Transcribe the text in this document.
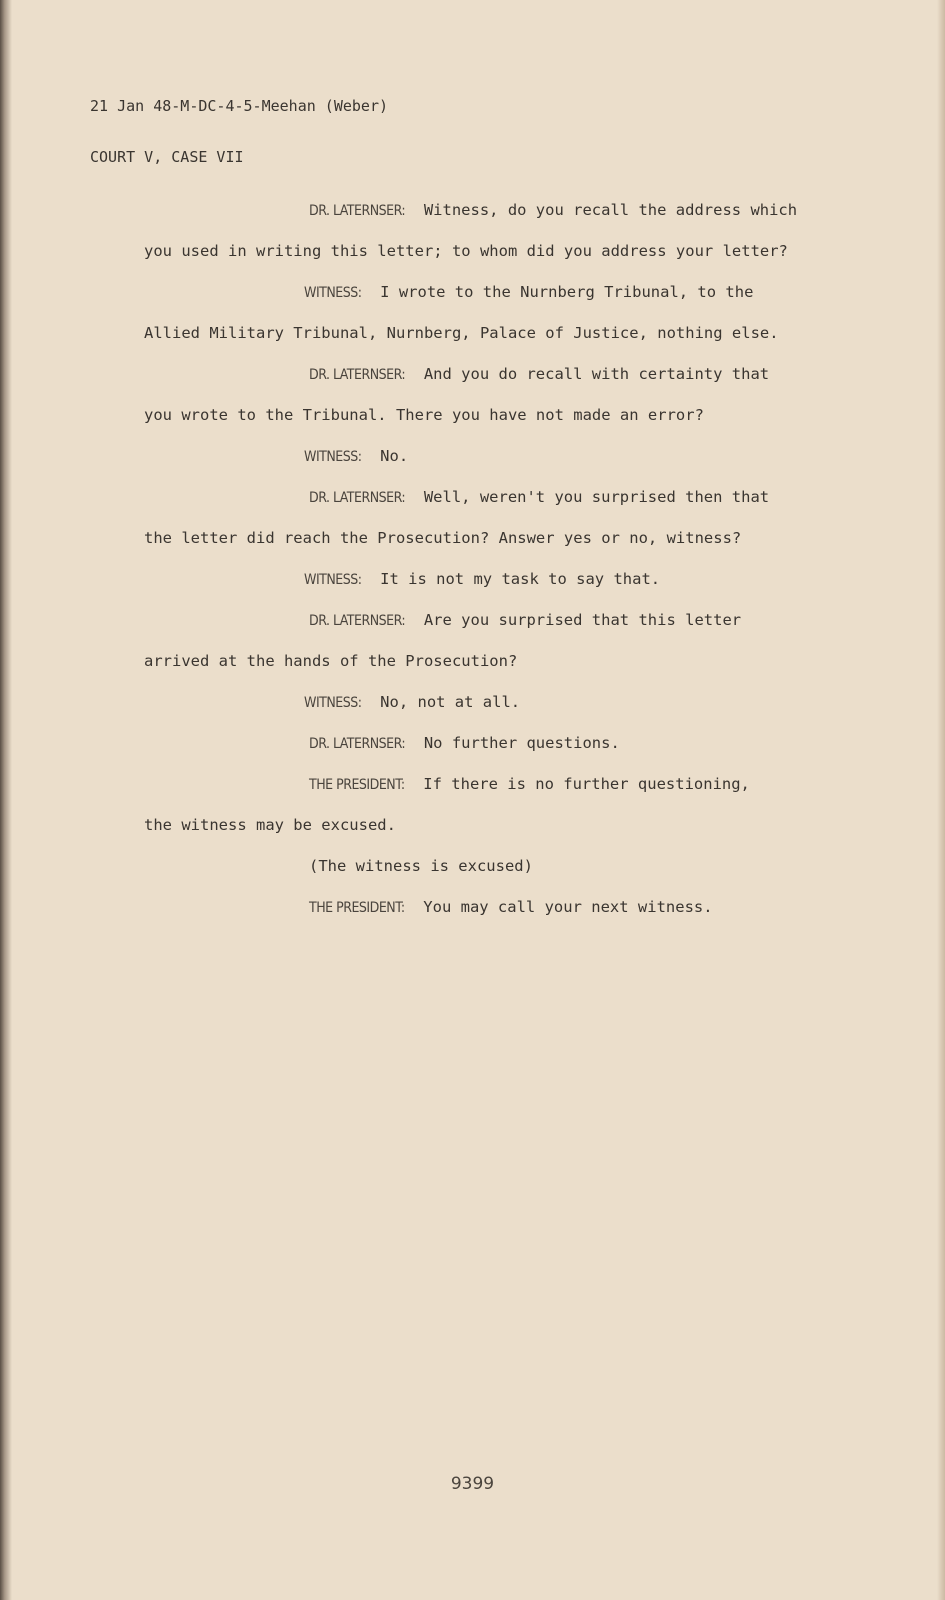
21 Jan 48-M-DC-4-5-Meehan (Weber)

COURT V, CASE VII

DR. LATERNSER: Witness, do you recall the address which

you used in writing this letter; to whom did you address your letter?

WITNESS: I wrote to the Nurnberg Tribunal, to the

Allied Military Tribunal, Nurnberg, Palace of Justice, nothing else.

DR. LATERNSER: And you do recall with certainty that

you wrote to the Tribunal. There you have not made an error?

WITNESS: No.

DR. LATERNSER: Well, weren't you surprised then that

the letter did reach the Prosecution? Answer yes or no, witness?

WITNESS: It is not my task to say that.

DR. LATERNSER: Are you surprised that this letter

arrived at the hands of the Prosecution?

WITNESS: No, not at all.

DR. LATERNSER: No further questions.

THE PRESIDENT: If there is no further questioning,

the witness may be excused.

(The witness is excused)

THE PRESIDENT: You may call your next witness.

9399
